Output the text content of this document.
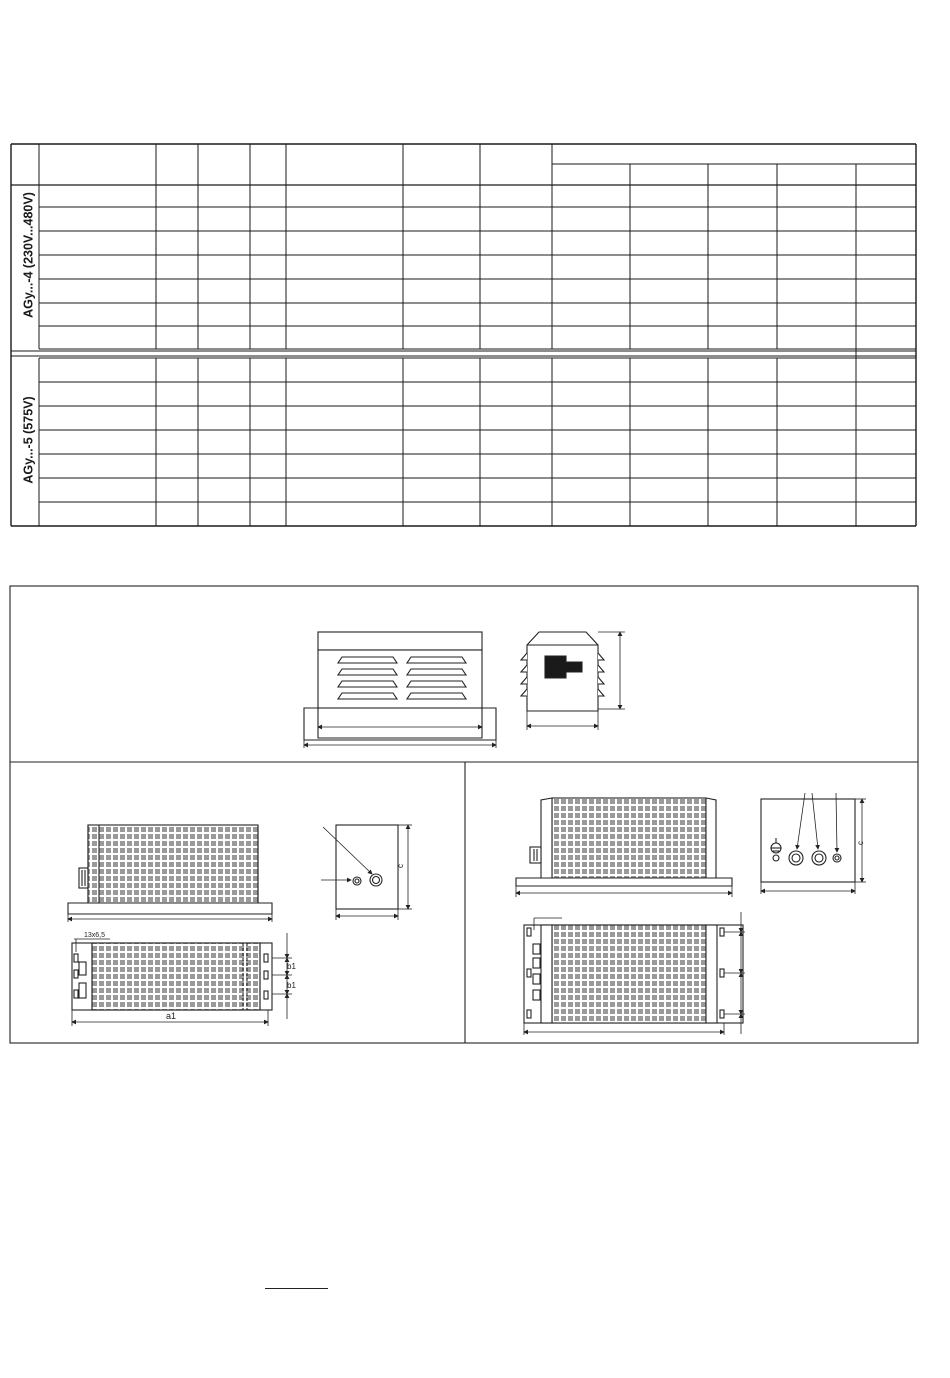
AGy...-4 (230V...480V)
AGy...-5 (575V)
c
13x6,5
a1
b1
b1
c
